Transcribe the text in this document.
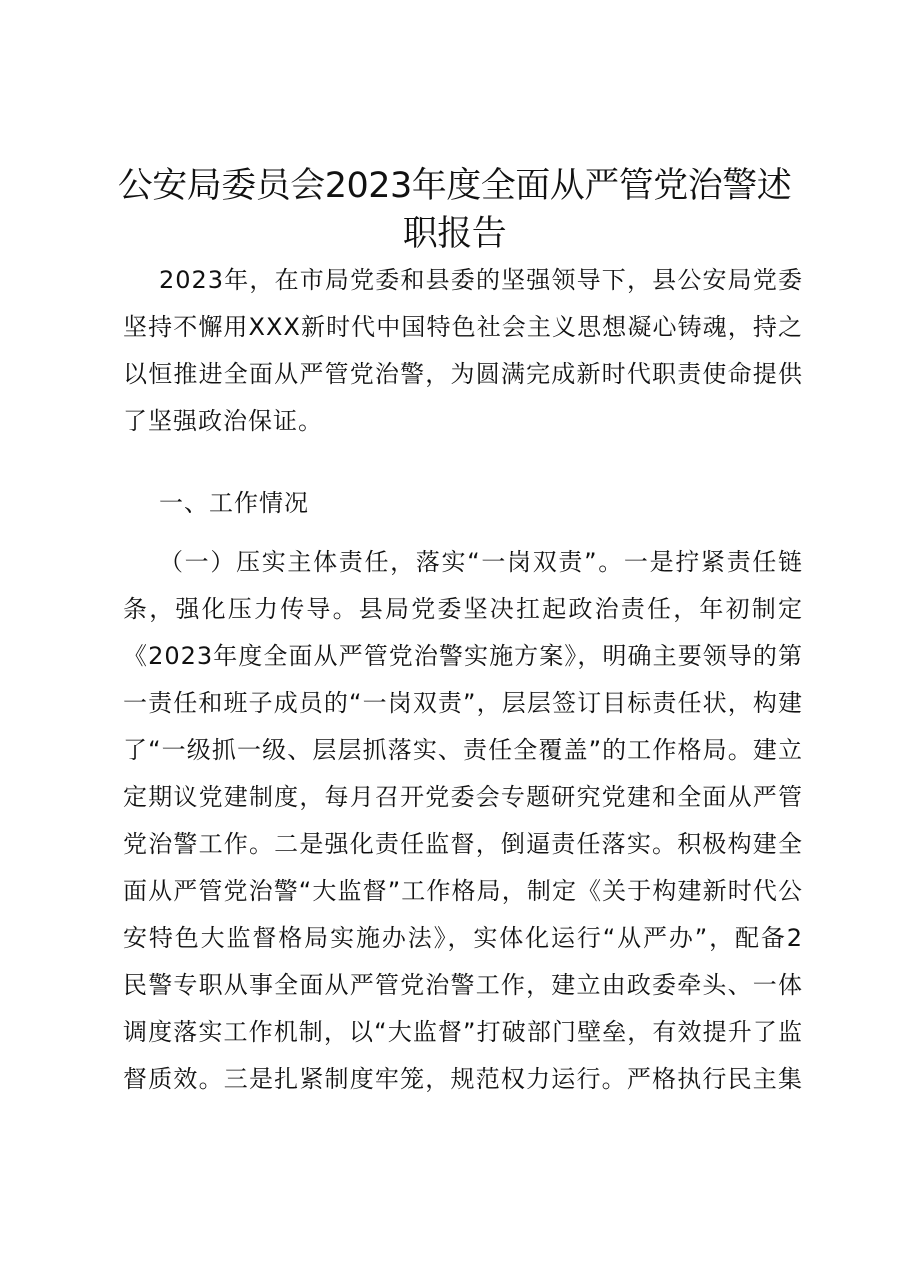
公安局委员会2023年度全面从严管党治警述
职报告
2023年，在市局党委和县委的坚强领导下，县公安局党委
坚持不懈用XXX新时代中国特色社会主义思想凝心铸魂，持之
以恒推进全面从严管党治警，为圆满完成新时代职责使命提供
了坚强政治保证。
一、工作情况
（一）压实主体责任，落实“一岗双责”。一是拧紧责任链
条，强化压力传导。县局党委坚决扛起政治责任，年初制定
《2023年度全面从严管党治警实施方案》，明确主要领导的第
一责任和班子成员的“一岗双责”，层层签订目标责任状，构建
了“一级抓一级、层层抓落实、责任全覆盖”的工作格局。建立
定期议党建制度，每月召开党委会专题研究党建和全面从严管
党治警工作。二是强化责任监督，倒逼责任落实。积极构建全
面从严管党治警“大监督”工作格局，制定《关于构建新时代公
安特色大监督格局实施办法》，实体化运行“从严办”，配备2
民警专职从事全面从严管党治警工作，建立由政委牵头、一体
调度落实工作机制，以“大监督”打破部门壁垒，有效提升了监
督质效。三是扎紧制度牢笼，规范权力运行。严格执行民主集
